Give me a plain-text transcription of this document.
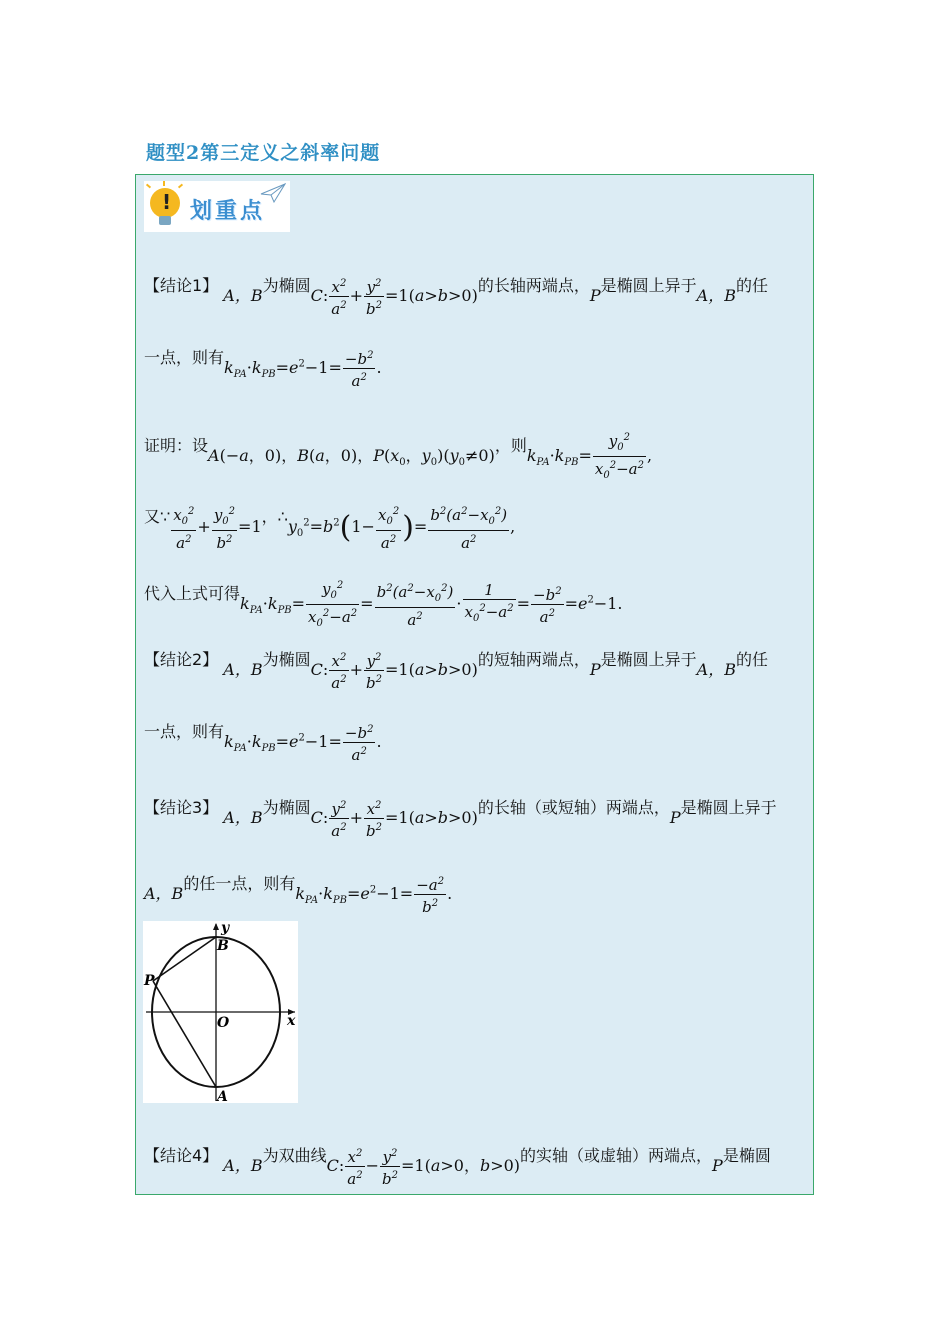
题型2第三定义之斜率问题
! 划重点
【结论1】 A，B为椭圆C: $\frac{x^2}{a^2} + \frac{y^2}{b^2} =1(a>b>0)$的长轴两端点，P是椭圆上异于A，B的任
一点，则有$k_{PA}\cdot k_{PB}=e^2-1= \frac{-b^2}{a^2}$ .
证明：设A(−a，0)，B(a，0)，$P(x_0$，$y_0)(y_0\ne 0)$，则$k_{PA}\cdot k_{PB}= \frac{y_0^2}{x_0^2-a^2}$ ,
又∵ $\frac{x_0^2}{a^2} + \frac{y_0^2}{b^2} =1$，$\therefore y_0^2=b^2(1- \frac{x_0^2}{a^2}$ )= $\frac{b^2(a^2-x_0^2)}{a^2}$ ,
代入上式可得$k_{PA}\cdot k_{PB}= \frac{y_0^2}{x_0^2-a^2} = \frac{b^2(a^2-x_0^2)}{a^2} \cdot \frac{1}{x_0^2-a^2} = \frac{-b^2}{a^2} =e^2-1$.
【结论2】 A，B为椭圆C: $\frac{x^2}{a^2} + \frac{y^2}{b^2} =1(a>b>0)$的短轴两端点，P是椭圆上异于A，B的任
一点，则有$k_{PA}\cdot k_{PB}=e^2-1= \frac{-b^2}{a^2}$ .
【结论3】 A，B为椭圆C: $\frac{y^2}{a^2} + \frac{x^2}{b^2} =1(a>b>0)$的长轴（或短轴）两端点，P是椭圆上异于
A，B的任一点，则有$k_{PA}\cdot k_{PB}=e^2-1= \frac{-a^2}{b^2}$ .
y
x
B
P
O
A
【结论4】 A，B为双曲线C: $\frac{x^2}{a^2} - \frac{y^2}{b^2} =1(a>0$，b>0)的实轴（或虚轴）两端点，P是椭圆
